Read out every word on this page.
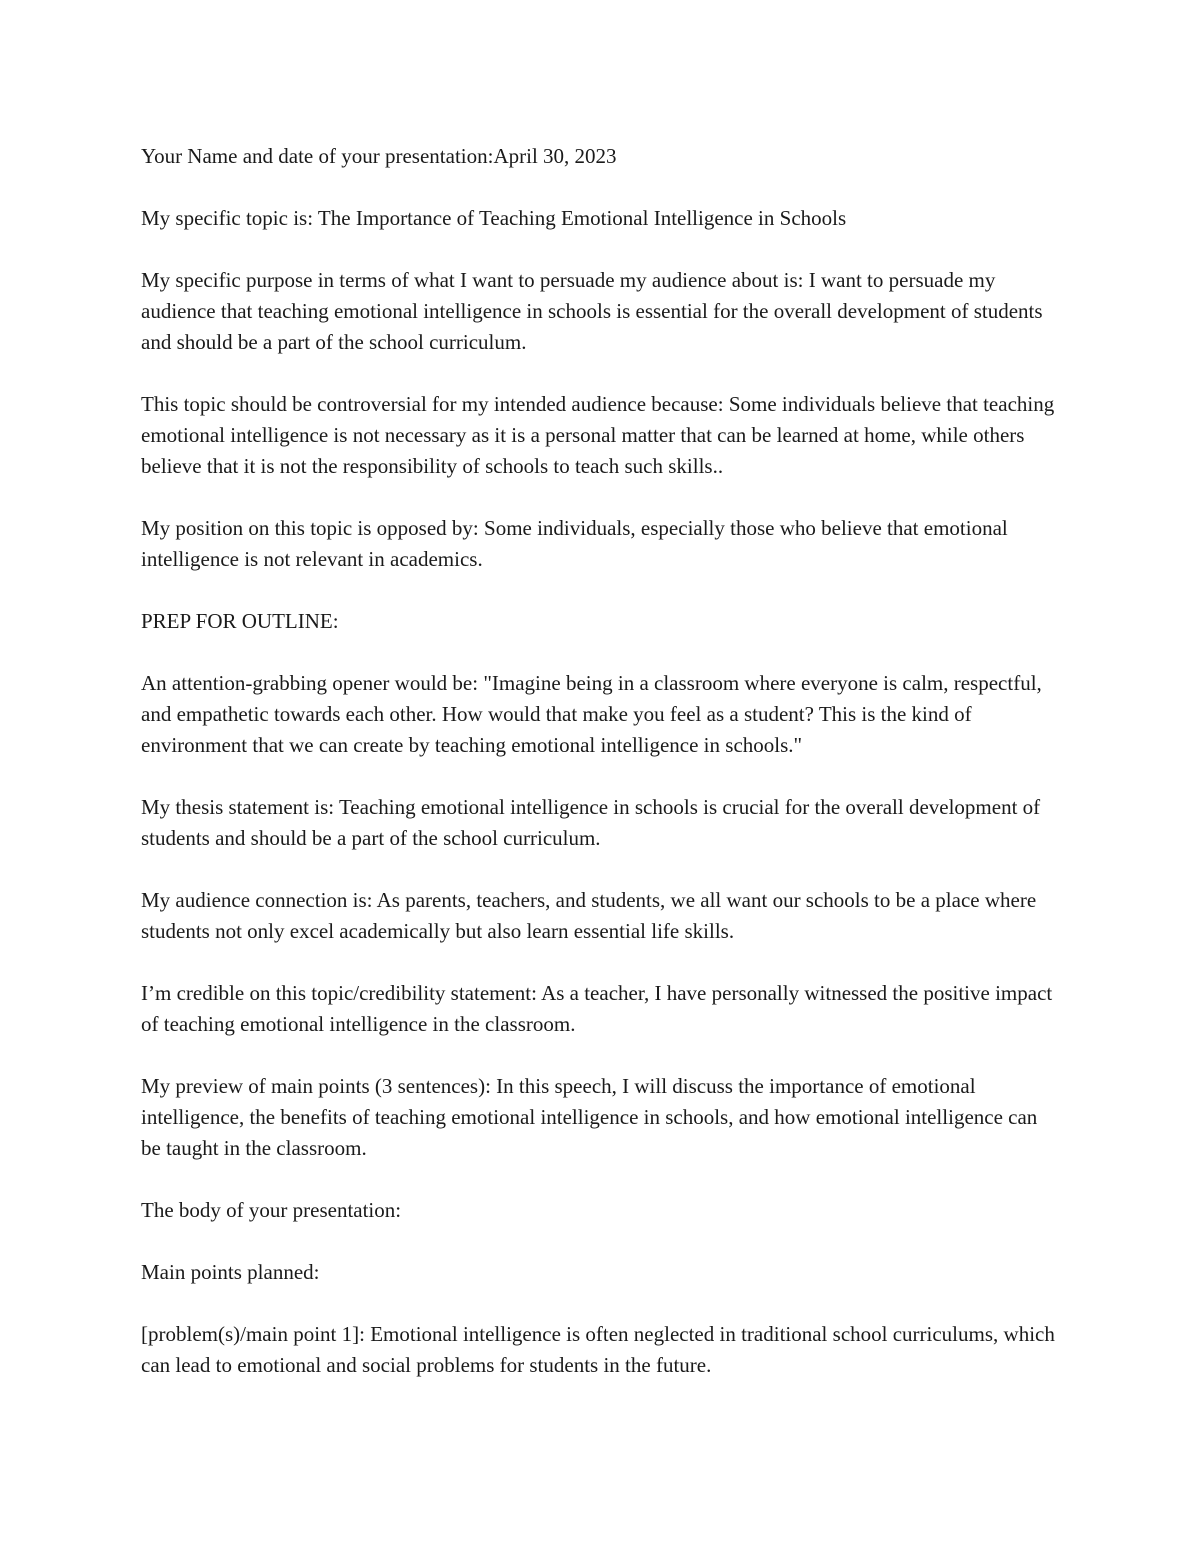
Your Name and date of your presentation:April 30, 2023

My specific topic is: The Importance of Teaching Emotional Intelligence in Schools

My specific purpose in terms of what I want to persuade my audience about is: I want to persuade my audience that teaching emotional intelligence in schools is essential for the overall development of students and should be a part of the school curriculum.

This topic should be controversial for my intended audience because: Some individuals believe that teaching emotional intelligence is not necessary as it is a personal matter that can be learned at home, while others believe that it is not the responsibility of schools to teach such skills..

My position on this topic is opposed by: Some individuals, especially those who believe that emotional intelligence is not relevant in academics.

PREP FOR OUTLINE:

An attention-grabbing opener would be: "Imagine being in a classroom where everyone is calm, respectful, and empathetic towards each other. How would that make you feel as a student? This is the kind of environment that we can create by teaching emotional intelligence in schools."

My thesis statement is: Teaching emotional intelligence in schools is crucial for the overall development of students and should be a part of the school curriculum.

My audience connection is: As parents, teachers, and students, we all want our schools to be a place where students not only excel academically but also learn essential life skills.

I’m credible on this topic/credibility statement: As a teacher, I have personally witnessed the positive impact of teaching emotional intelligence in the classroom.

My preview of main points (3 sentences): In this speech, I will discuss the importance of emotional intelligence, the benefits of teaching emotional intelligence in schools, and how emotional intelligence can be taught in the classroom.

The body of your presentation:

Main points planned:

[problem(s)/main point 1]: Emotional intelligence is often neglected in traditional school curriculums, which can lead to emotional and social problems for students in the future.
